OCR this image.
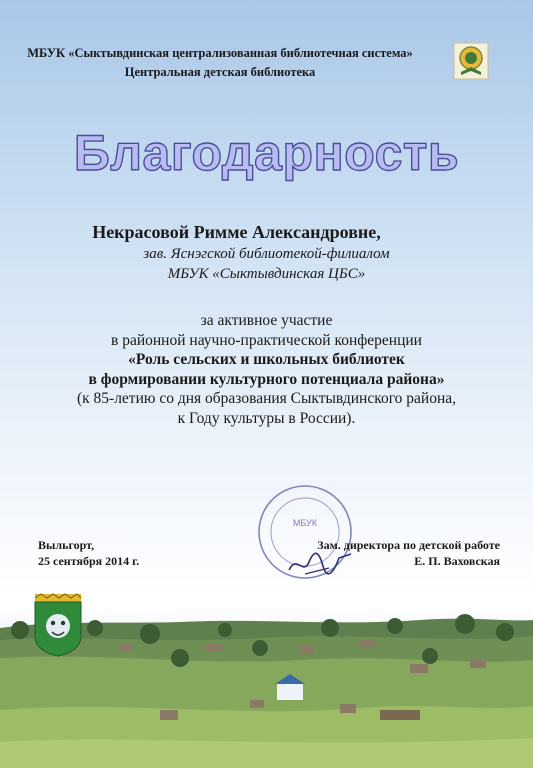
МБУК «Сыктывдинская централизованная библиотечная система»
Центральная детская библиотека
Благодарность
Некрасовой Римме Александровне,
зав. Яснэгской библиотекой-филиалом
МБУК «Сыктывдинская ЦБС»
за активное участие
в районной научно-практической конференции
«Роль сельских и школьных библиотек
в формировании культурного потенциала района»
(к 85-летию со дня образования Сыктывдинского района,
к Году культуры в России).
МБУК
Выльгорт,
25 сентября 2014 г.
Зам. директора по детской работе
Е. П. Ваховская
